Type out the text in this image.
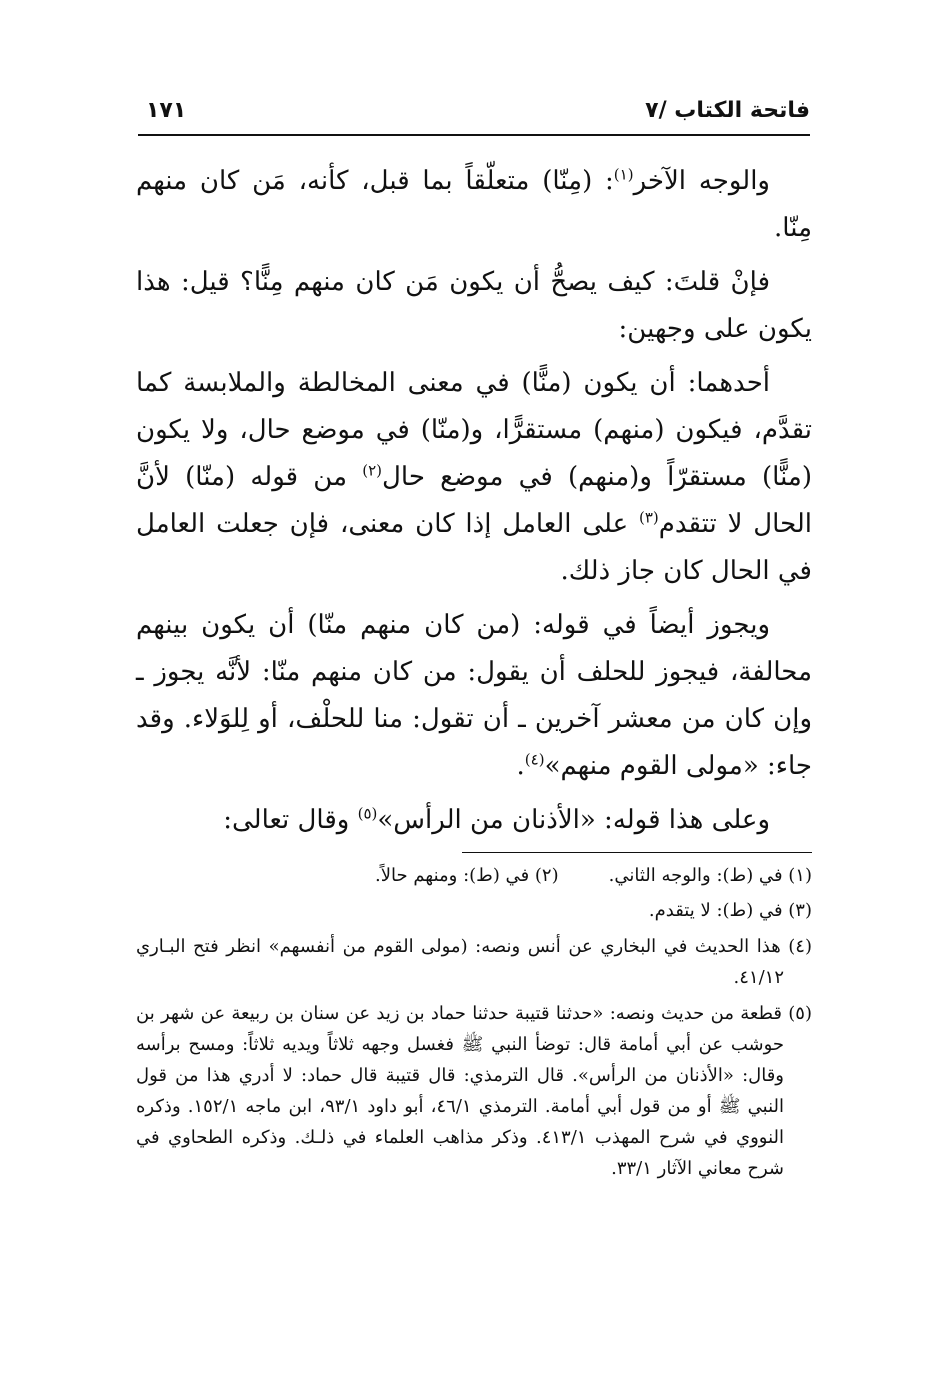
فاتحة الكتاب /٧
١٧١

والوجه الآخر$^{(١)}$: (مِنّا) متعلّقاً بما قبل، كأنه، مَن كان منهم مِنّا.

فإنْ قلتَ: كيف يصحُّ أن يكون مَن كان منهم مِنًّا؟ قيل: هذا يكون على وجهين:

أحدهما: أن يكون (منًّا) في معنى المخالطة والملابسة كما تقدَّم، فيكون (منهم) مستقرًّا، و(منّا) في موضع حال، ولا يكون (منًّا) مستقرّاً و(منهم) في موضع حال$^{(٢)}$ من قوله (منّا) لأنَّ الحال لا تتقدم$^{(٣)}$ على العامل إذا كان معنى، فإن جعلت العامل في الحال كان جاز ذلك.

ويجوز أيضاً في قوله: (من كان منهم منّا) أن يكون بينهم محالفة، فيجوز للحلف أن يقول: من كان منهم منّا: لأنَّه يجوز ـ وإن كان من معشر آخرين ـ أن تقول: منا للحلْف، أو لِلوَلاء. وقد جاء: «مولى القوم منهم»$^{(٤)}$.

وعلى هذا قوله: «الأذنان من الرأس»$^{(٥)}$ وقال تعالى:

(١) في (ط): والوجه الثاني.
(٢) في (ط): ومنهم حالاً.
(٣) في (ط): لا يتقدم.
(٤) هذا الحديث في البخاري عن أنس ونصه: (مولى القوم من أنفسهم» انظر فتح البـاري ٤١/١٢.
(٥) قطعة من حديث ونصه: «حدثنا قتيبة حدثنا حماد بن زيد عن سنان بن ربيعة عن شهر بن حوشب عن أبي أمامة قال: توضأ النبي ﷺ فغسل وجهه ثلاثاً ويديه ثلاثاً: ومسح برأسه وقال: «الأذنان من الرأس». قال الترمذي: قال قتيبة قال حماد: لا أدري هذا من قول النبي ﷺ أو من قول أبي أمامة. الترمذي ٤٦/١، أبو داود ٩٣/١، ابن ماجه ١٥٢/١. وذكره النووي في شرح المهذب ٤١٣/١. وذكر مذاهب العلماء في ذلـك. وذكره الطحاوي في شرح معاني الآثار ٣٣/١.
